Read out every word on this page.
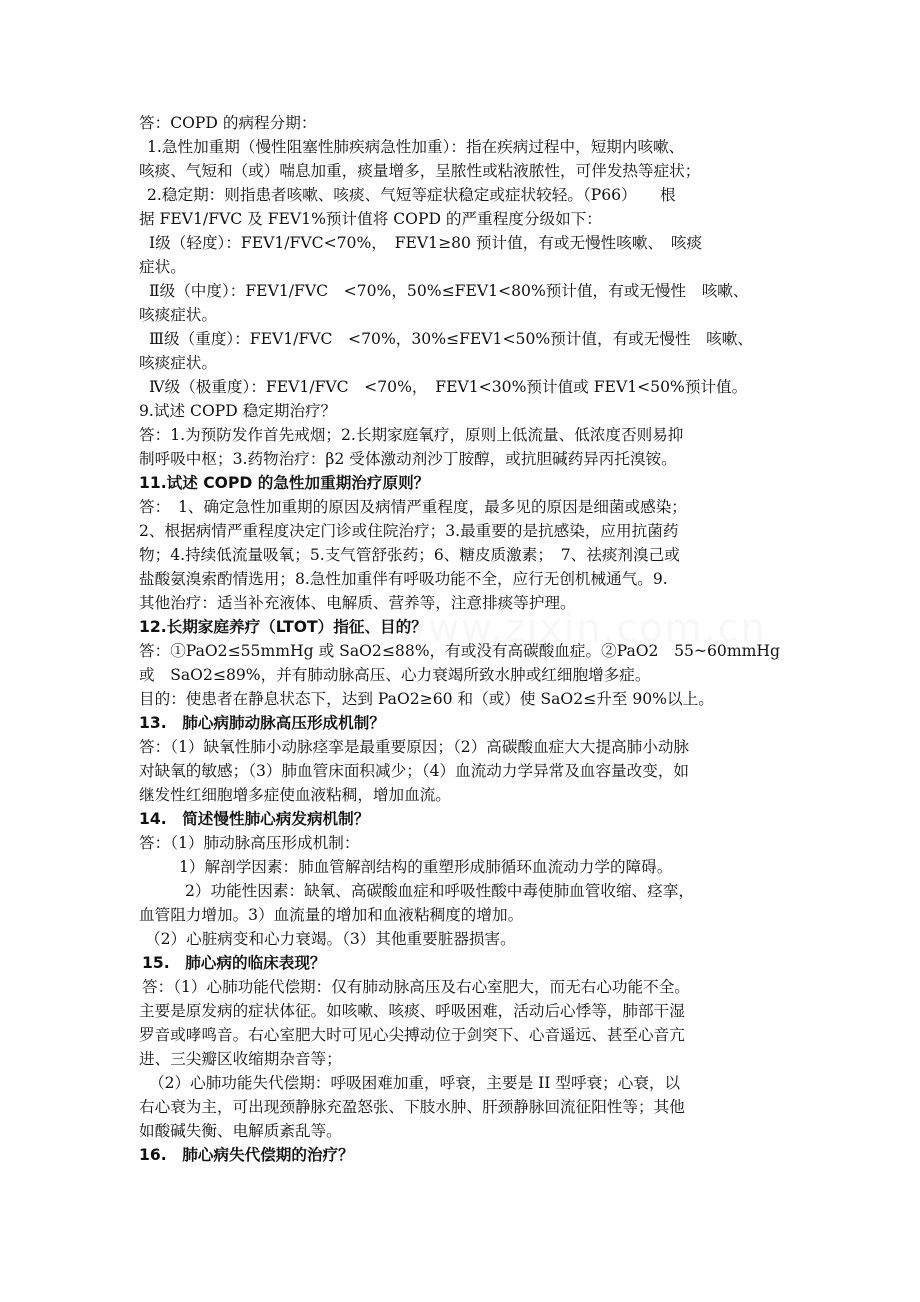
www.zixin.com.cn

答：COPD 的病程分期：

1.急性加重期（慢性阻塞性肺疾病急性加重）：指在疾病过程中，短期内咳嗽、

咳痰、气短和（或）喘息加重，痰量增多，呈脓性或粘液脓性，可伴发热等症状；

2.稳定期：则指患者咳嗽、咳痰、气短等症状稳定或症状较轻。（P66）　　根

据 FEV1/FVC 及 FEV1%预计值将 COPD 的严重程度分级如下：

Ⅰ级（轻度）：FEV1/FVC<70%，　FEV1≥80 预计值，有或无慢性咳嗽、　咳痰

症状。

Ⅱ级（中度）：FEV1/FVC　<70%，50%≤FEV1<80%预计值，有或无慢性　咳嗽、

咳痰症状。

Ⅲ级（重度）：FEV1/FVC　<70%，30%≤FEV1<50%预计值，有或无慢性　咳嗽、

咳痰症状。

Ⅳ级（极重度）：FEV1/FVC　<70%，　FEV1<30%预计值或 FEV1<50%预计值。

9.试述 COPD 稳定期治疗？

答：1.为预防发作首先戒烟；2.长期家庭氧疗，原则上低流量、低浓度否则易抑

制呼吸中枢；3.药物治疗：β2 受体激动剂沙丁胺醇，或抗胆碱药异丙托溴铵。

11.试述 COPD 的急性加重期治疗原则？

答：　1、确定急性加重期的原因及病情严重程度，最多见的原因是细菌或感染；

2、根据病情严重程度决定门诊或住院治疗；3.最重要的是抗感染，应用抗菌药

物；4.持续低流量吸氧；5.支气管舒张药；6、糖皮质激素；　7、祛痰剂溴己或

盐酸氨溴索酌情选用；8.急性加重伴有呼吸功能不全，应行无创机械通气。9.

其他治疗：适当补充液体、电解质、营养等，注意排痰等护理。

12.长期家庭养疗（LTOT）指征、目的？

答：①PaO2≤55mmHg 或 SaO2≤88%，有或没有高碳酸血症。②PaO2　55~60mmHg

或　SaO2≤89%，并有肺动脉高压、心力衰竭所致水肿或红细胞增多症。

目的：使患者在静息状态下，达到 PaO2≥60 和（或）使 SaO2≤升至 90%以上。

13.　肺心病肺动脉高压形成机制？

答：（1）缺氧性肺小动脉痉挛是最重要原因；（2）高碳酸血症大大提高肺小动脉

对缺氧的敏感；（3）肺血管床面积减少；（4）血流动力学异常及血容量改变，如

继发性红细胞增多症使血液粘稠，增加血流。

14.　简述慢性肺心病发病机制？

答：（1）肺动脉高压形成机制：

1）解剖学因素：肺血管解剖结构的重塑形成肺循环血流动力学的障碍。

2）功能性因素：缺氧、高碳酸血症和呼吸性酸中毒使肺血管收缩、痉挛，

血管阻力增加。3）血流量的增加和血液粘稠度的增加。

（2）心脏病变和心力衰竭。（3）其他重要脏器损害。

15.　肺心病的临床表现？

答：（1）心肺功能代偿期：仅有肺动脉高压及右心室肥大，而无右心功能不全。

主要是原发病的症状体征。如咳嗽、咳痰、呼吸困难，活动后心悸等，肺部干湿

罗音或哮鸣音。右心室肥大时可见心尖搏动位于剑突下、心音遥远、甚至心音亢

进、三尖瓣区收缩期杂音等；

（2）心肺功能失代偿期：呼吸困难加重，呼衰，主要是 II 型呼衰；心衰，以

右心衰为主，可出现颈静脉充盈怒张、下肢水肿、肝颈静脉回流征阳性等；其他

如酸碱失衡、电解质紊乱等。

16.　肺心病失代偿期的治疗？
